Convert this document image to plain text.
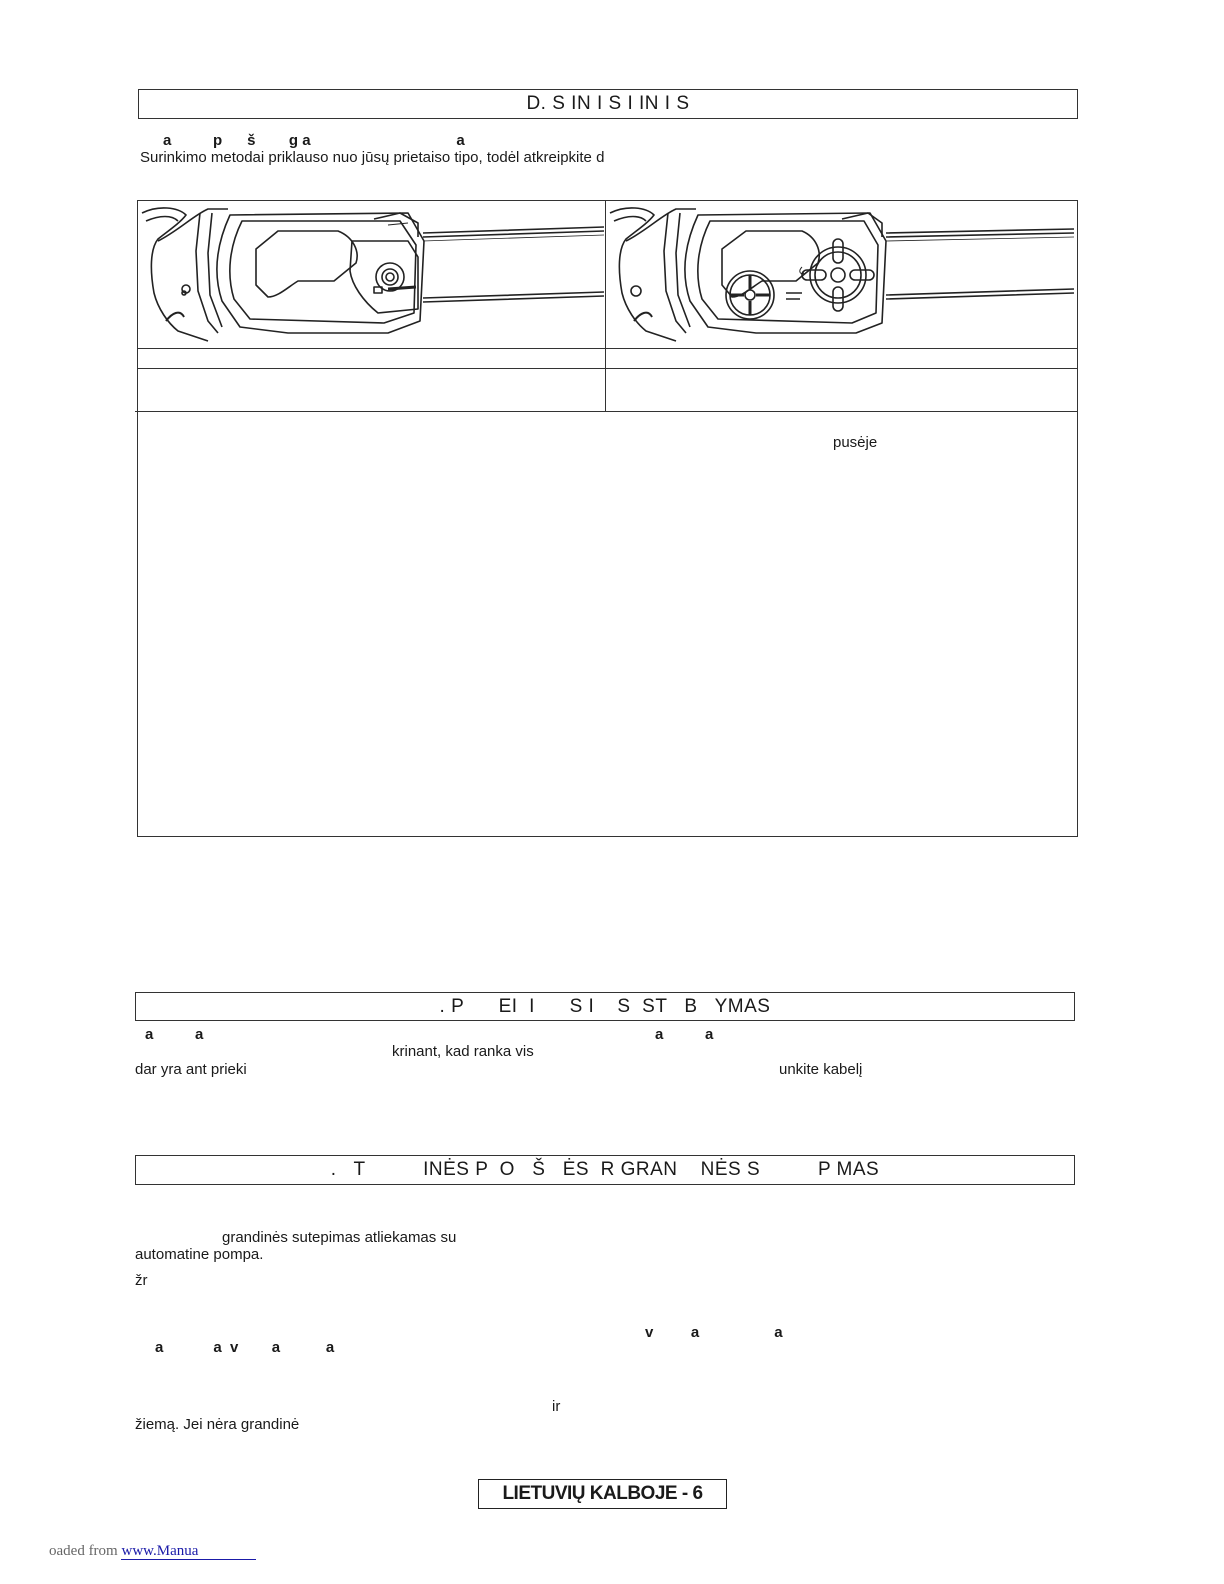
D. S IN I S I IN I S
a          p      š        g a                                   a
Surinkimo metodai priklauso nuo jūsų prietaiso tipo, todėl atkreipkite d
pusėje
. P      EI  I      S I    S  ST   B   YMAS
a          a	a          a
krinant, kad ranka vis
dar yra ant prieki	unkite kabelį
.   T          INĖS P  O   Š   ĖS  R GRAN    NĖS S          P MAS
grandinės sutepimas atliekamas su
automatine pompa.
žr
v         a                  a
a            a  v        a           a
ir
žiemą. Jei nėra grandinė
LIETUVIŲ KALBOJE - 6
oaded from www.Manua
